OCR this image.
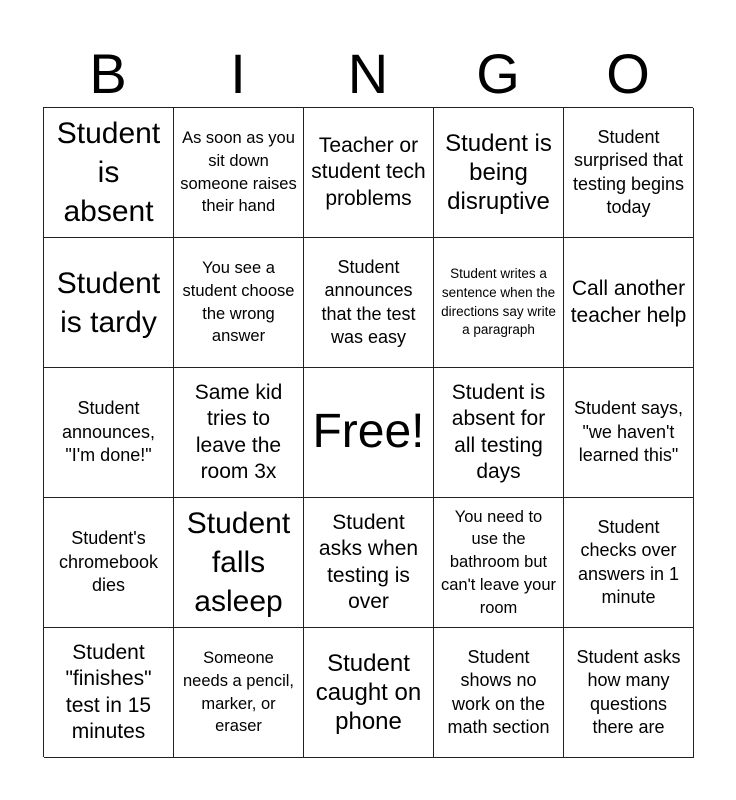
B	I	N	G	O
Student is absent
As soon as you sit down someone raises their hand
Teacher or student tech problems
Student is being disruptive
Student surprised that testing begins today
Student is tardy
You see a student choose the wrong answer
Student announces that the test was easy
Student writes a sentence when the directions say write a paragraph
Call another teacher help
Student announces, "I'm done!"
Same kid tries to leave the room 3x
Free!
Student is absent for all testing days
Student says, "we haven't learned this"
Student's chromebook dies
Student falls asleep
Student asks when testing is over
You need to use the bathroom but can't leave your room
Student checks over answers in 1 minute
Student "finishes" test in 15 minutes
Someone needs a pencil, marker, or eraser
Student caught on phone
Student shows no work on the math section
Student asks how many questions there are
